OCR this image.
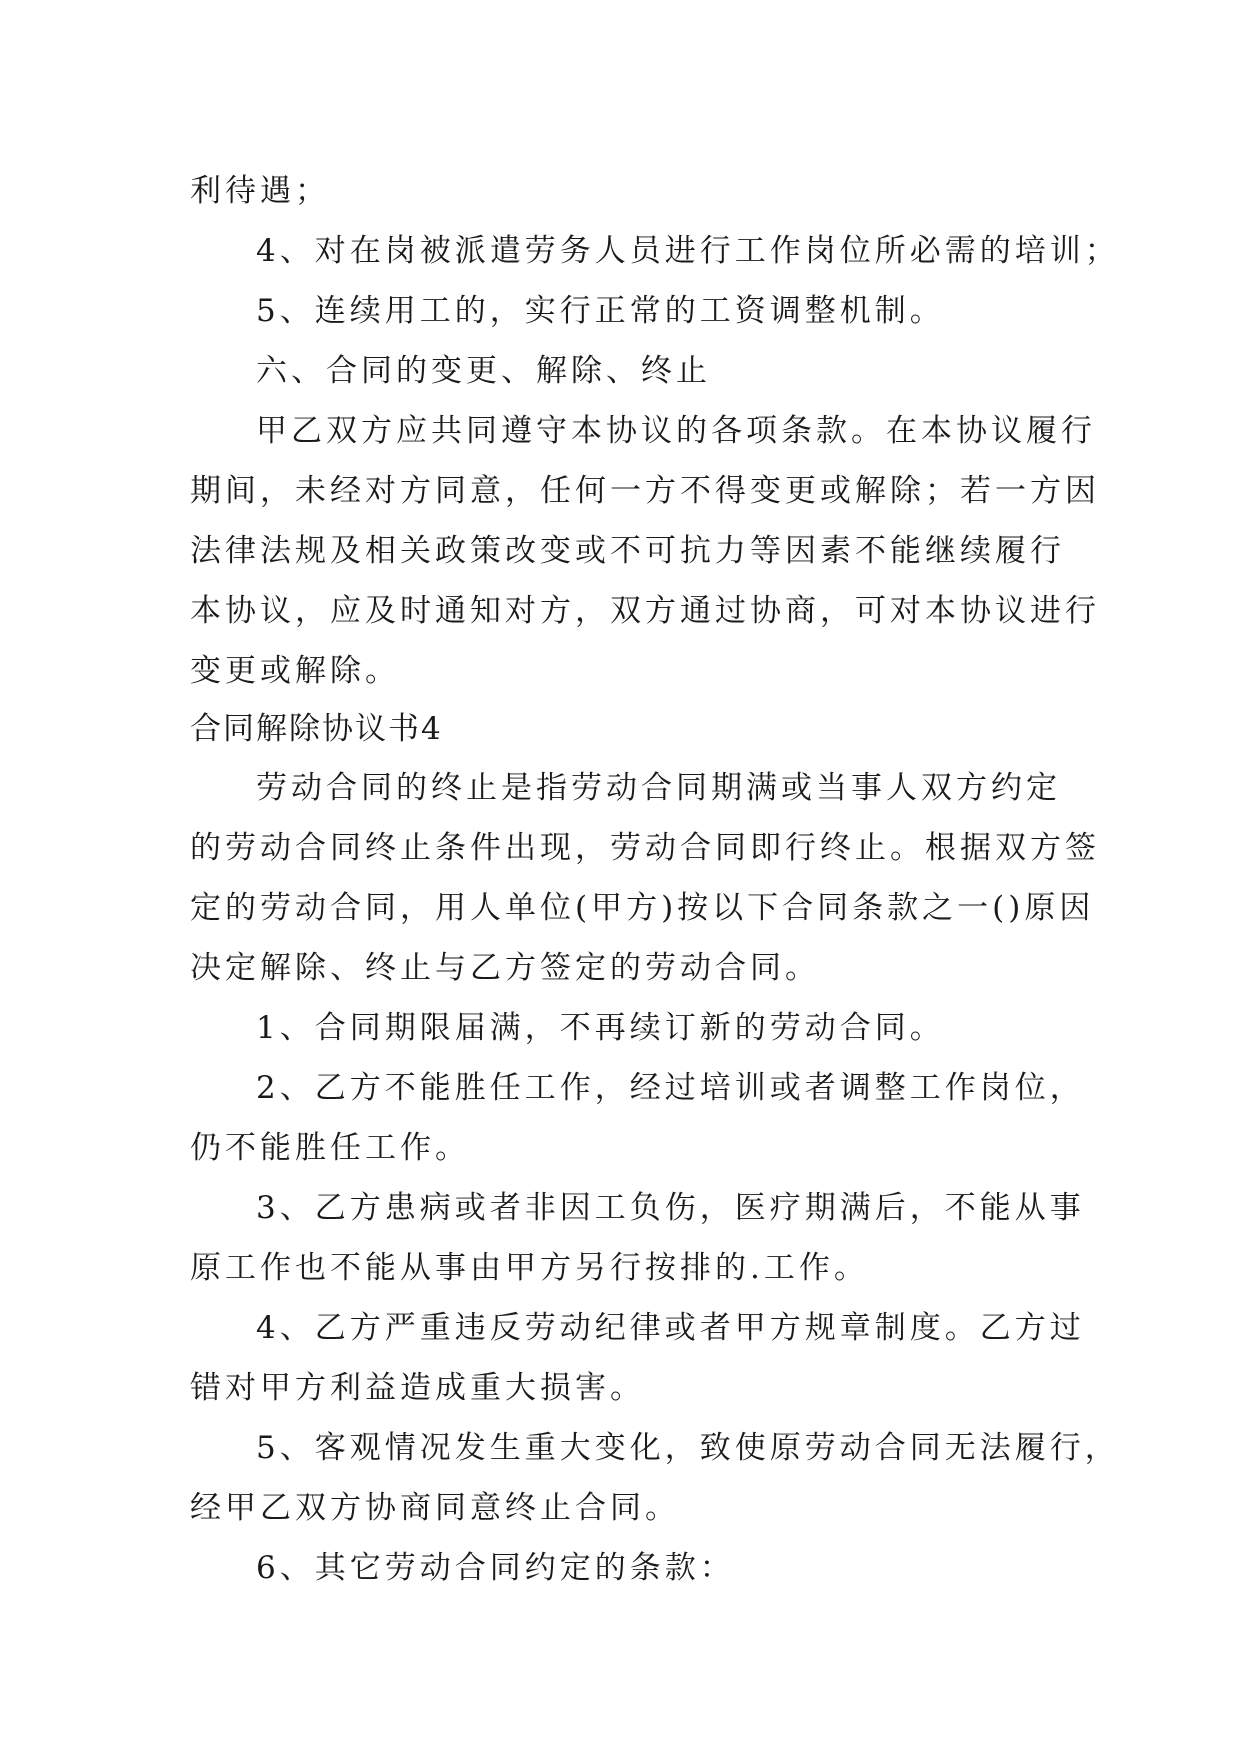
利待遇；
4、对在岗被派遣劳务人员进行工作岗位所必需的培训；
5、连续用工的，实行正常的工资调整机制。
六、合同的变更、解除、终止
甲乙双方应共同遵守本协议的各项条款。在本协议履行
期间，未经对方同意，任何一方不得变更或解除；若一方因
法律法规及相关政策改变或不可抗力等因素不能继续履行
本协议，应及时通知对方，双方通过协商，可对本协议进行
变更或解除。
合同解除协议书4
劳动合同的终止是指劳动合同期满或当事人双方约定
的劳动合同终止条件出现，劳动合同即行终止。根据双方签
定的劳动合同，用人单位(甲方)按以下合同条款之一()原因
决定解除、终止与乙方签定的劳动合同。
1、合同期限届满，不再续订新的劳动合同。
2、乙方不能胜任工作，经过培训或者调整工作岗位，
仍不能胜任工作。
3、乙方患病或者非因工负伤，医疗期满后，不能从事
原工作也不能从事由甲方另行按排的.工作。
4、乙方严重违反劳动纪律或者甲方规章制度。乙方过
错对甲方利益造成重大损害。
5、客观情况发生重大变化，致使原劳动合同无法履行，
经甲乙双方协商同意终止合同。
6、其它劳动合同约定的条款：
